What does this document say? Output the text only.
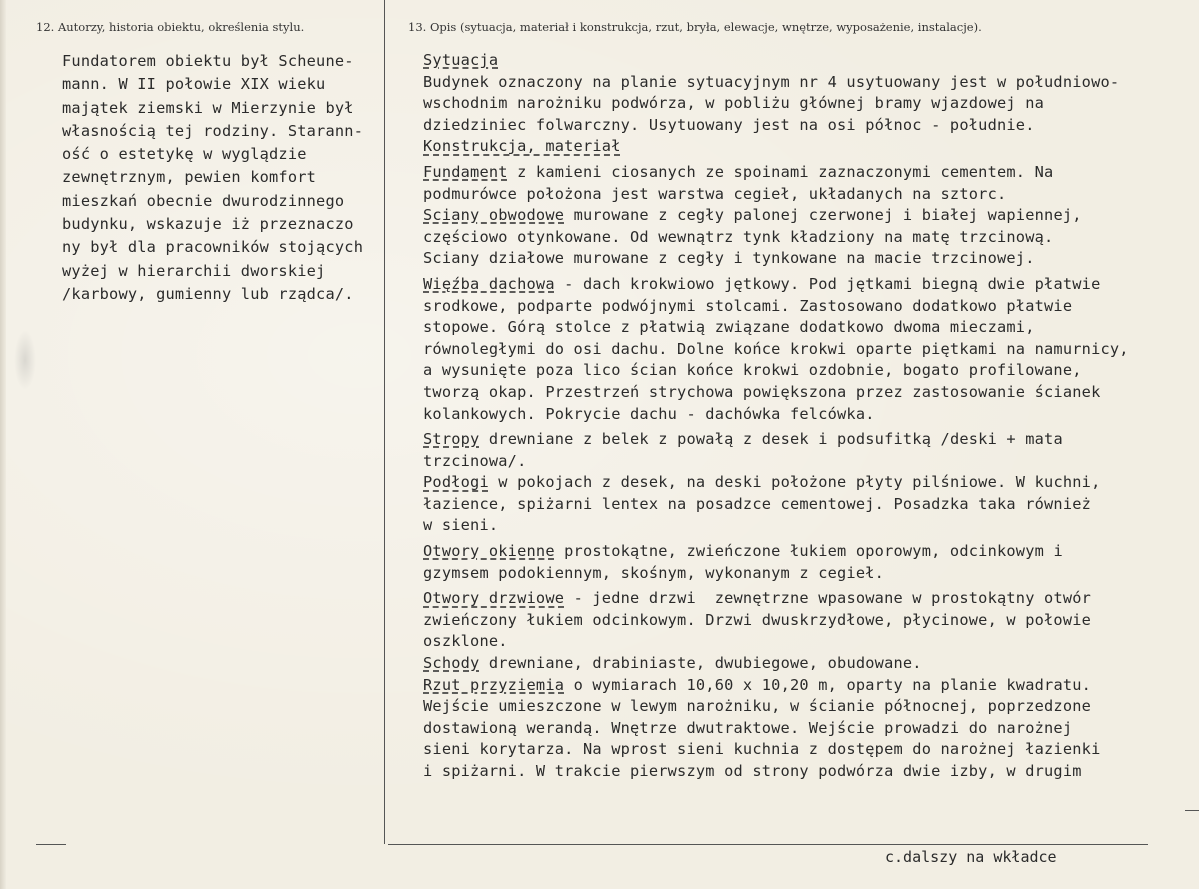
12. Autorzy, historia obiektu, określenia stylu.	13. Opis (sytuacja, materiał i konstrukcja, rzut, bryła, elewacje, wnętrze, wyposażenie, instalacje).
Fundatorem obiektu był Scheune-
mann. W II połowie XIX wieku
majątek ziemski w Mierzynie był
własnością tej rodziny. Starann-
ość o estetykę w wyglądzie
zewnętrznym, pewien komfort
mieszkań obecnie dwurodzinnego
budynku, wskazuje iż przeznaczo
ny był dla pracowników stojących
wyżej w hierarchii dworskiej
/karbowy, gumienny lub rządca/.
Sytuacja
Budynek oznaczony na planie sytuacyjnym nr 4 usytuowany jest w południowo-
wschodnim narożniku podwórza, w pobliżu głównej bramy wjazdowej na
dziedziniec folwarczny. Usytuowany jest na osi północ - południe.
Konstrukcja, materiał
Fundament z kamieni ciosanych ze spoinami zaznaczonymi cementem. Na
podmurówce położona jest warstwa cegieł, układanych na sztorc.
Sciany obwodowe murowane z cegły palonej czerwonej i białej wapiennej,
częściowo otynkowane. Od wewnątrz tynk kładziony na matę trzcinową.
Sciany działowe murowane z cegły i tynkowane na macie trzcinowej.
Więźba dachowa - dach krokwiowo jętkowy. Pod jętkami biegną dwie płatwie
srodkowe, podparte podwójnymi stolcami. Zastosowano dodatkowo płatwie
stopowe. Górą stolce z płatwią związane dodatkowo dwoma mieczami,
równoległymi do osi dachu. Dolne końce krokwi oparte piętkami na namurnicy,
a wysunięte poza lico ścian końce krokwi ozdobnie, bogato profilowane,
tworzą okap. Przestrzeń strychowa powiększona przez zastosowanie ścianek
kolankowych. Pokrycie dachu - dachówka felcówka.
Stropy drewniane z belek z powałą z desek i podsufitką /deski + mata
trzcinowa/.
Podłogi w pokojach z desek, na deski położone płyty pilśniowe. W kuchni,
łazience, spiżarni lentex na posadzce cementowej. Posadzka taka również
w sieni.
Otwory okienne prostokątne, zwieńczone łukiem oporowym, odcinkowym i
gzymsem podokiennym, skośnym, wykonanym z cegieł.
Otwory drzwiowe - jedne drzwi  zewnętrzne wpasowane w prostokątny otwór
zwieńczony łukiem odcinkowym. Drzwi dwuskrzydłowe, płycinowe, w połowie
oszklone.
Schody drewniane, drabiniaste, dwubiegowe, obudowane.
Rzut przyziemia o wymiarach 10,60 x 10,20 m, oparty na planie kwadratu.
Wejście umieszczone w lewym narożniku, w ścianie północnej, poprzedzone
dostawioną werandą. Wnętrze dwutraktowe. Wejście prowadzi do narożnej
sieni korytarza. Na wprost sieni kuchnia z dostępem do narożnej łazienki
i spiżarni. W trakcie pierwszym od strony podwórza dwie izby, w drugim
c.dalszy na wkładce
